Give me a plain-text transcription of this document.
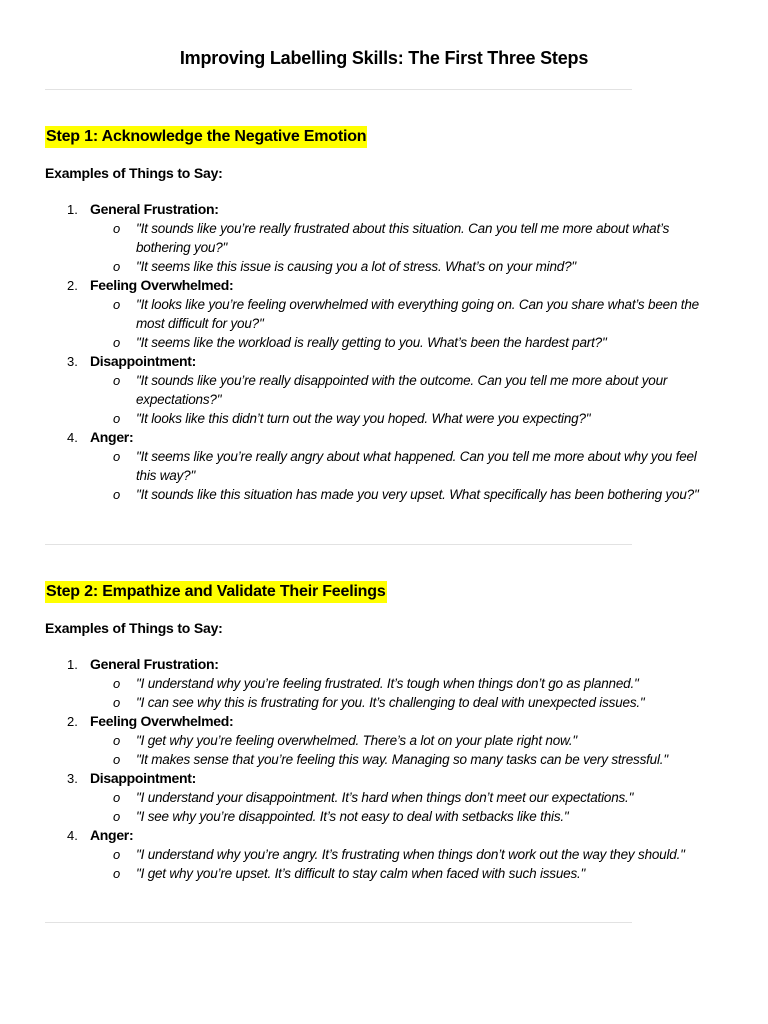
Improving Labelling Skills: The First Three Steps
Step 1: Acknowledge the Negative Emotion
Examples of Things to Say:
1. General Frustration:
o "It sounds like you’re really frustrated about this situation. Can you tell me more about what’s bothering you?"
o "It seems like this issue is causing you a lot of stress. What’s on your mind?"
2. Feeling Overwhelmed:
o "It looks like you’re feeling overwhelmed with everything going on. Can you share what’s been the most difficult for you?"
o "It seems like the workload is really getting to you. What’s been the hardest part?"
3. Disappointment:
o "It sounds like you’re really disappointed with the outcome. Can you tell me more about your expectations?"
o "It looks like this didn’t turn out the way you hoped. What were you expecting?"
4. Anger:
o "It seems like you’re really angry about what happened. Can you tell me more about why you feel this way?"
o "It sounds like this situation has made you very upset. What specifically has been bothering you?"
Step 2: Empathize and Validate Their Feelings
Examples of Things to Say:
1. General Frustration:
o "I understand why you’re feeling frustrated. It’s tough when things don’t go as planned."
o "I can see why this is frustrating for you. It’s challenging to deal with unexpected issues."
2. Feeling Overwhelmed:
o "I get why you’re feeling overwhelmed. There’s a lot on your plate right now."
o "It makes sense that you’re feeling this way. Managing so many tasks can be very stressful."
3. Disappointment:
o "I understand your disappointment. It’s hard when things don’t meet our expectations."
o "I see why you’re disappointed. It’s not easy to deal with setbacks like this."
4. Anger:
o "I understand why you’re angry. It’s frustrating when things don’t work out the way they should."
o "I get why you’re upset. It’s difficult to stay calm when faced with such issues."
